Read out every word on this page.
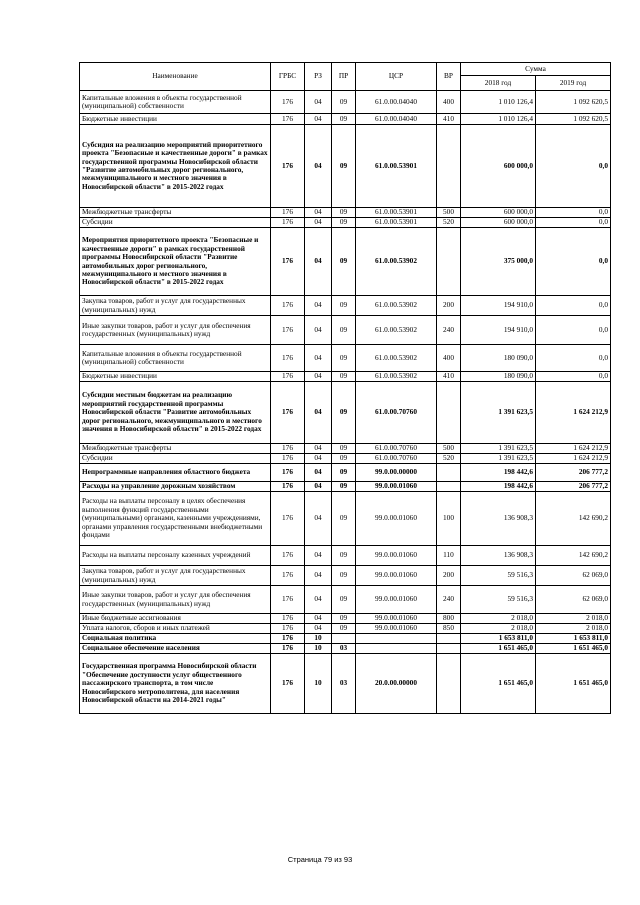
Наименование	ГРБС	РЗ	ПР	ЦСР	ВР	Сумма	
						2018 год	2019 год
Капитальные вложения в объекты государственной (муниципальной) собственности	176	04	09	61.0.00.04040	400	1 010 126,4	1 092 620,5
Бюджетные инвестиции	176	04	09	61.0.00.04040	410	1 010 126,4	1 092 620,5
Субсидия на реализацию мероприятий приоритетного проекта "Безопасные и качественные дороги" в рамках государственной программы Новосибирской области "Развитие автомобильных дорог регионального, межмуниципального и местного значения в Новосибирской области" в 2015-2022 годах	176	04	09	61.0.00.53901		600 000,0	0,0
Межбюджетные трансферты	176	04	09	61.0.00.53901	500	600 000,0	0,0
Субсидии	176	04	09	61.0.00.53901	520	600 000,0	0,0
Мероприятия приоритетного проекта "Безопасные и качественные дороги" в рамках государственной программы Новосибирской области "Развитие автомобильных дорог регионального, межмуниципального и местного значения в Новосибирской области" в 2015-2022 годах	176	04	09	61.0.00.53902		375 000,0	0,0
Закупка товаров, работ и услуг для государственных (муниципальных) нужд	176	04	09	61.0.00.53902	200	194 910,0	0,0
Иные закупки товаров, работ и услуг для обеспечения государственных (муниципальных) нужд	176	04	09	61.0.00.53902	240	194 910,0	0,0
Капитальные вложения в объекты государственной (муниципальной) собственности	176	04	09	61.0.00.53902	400	180 090,0	0,0
Бюджетные инвестиции	176	04	09	61.0.00.53902	410	180 090,0	0,0
Субсидии местным бюджетам на реализацию мероприятий государственной программы Новосибирской области "Развитие автомобильных дорог регионального, межмуниципального и местного значения в Новосибирской области" в 2015-2022 годах	176	04	09	61.0.00.70760		1 391 623,5	1 624 212,9
Межбюджетные трансферты	176	04	09	61.0.00.70760	500	1 391 623,5	1 624 212,9
Субсидии	176	04	09	61.0.00.70760	520	1 391 623,5	1 624 212,9
Непрограммные направления областного бюджета	176	04	09	99.0.00.00000		198 442,6	206 777,2
Расходы на управление дорожным хозяйством	176	04	09	99.0.00.01060		198 442,6	206 777,2
Расходы на выплаты персоналу в целях обеспечения выполнения функций государственными (муниципальными) органами, казенными учреждениями, органами управления государственными внебюджетными фондами	176	04	09	99.0.00.01060	100	136 908,3	142 690,2
Расходы на выплаты персоналу казенных учреждений	176	04	09	99.0.00.01060	110	136 908,3	142 690,2
Закупка товаров, работ и услуг для государственных (муниципальных) нужд	176	04	09	99.0.00.01060	200	59 516,3	62 069,0
Иные закупки товаров, работ и услуг для обеспечения государственных (муниципальных) нужд	176	04	09	99.0.00.01060	240	59 516,3	62 069,0
Иные бюджетные ассигнования	176	04	09	99.0.00.01060	800	2 018,0	2 018,0
Уплата налогов, сборов и иных платежей	176	04	09	99.0.00.01060	850	2 018,0	2 018,0
Социальная политика	176	10				1 653 811,0	1 653 811,0
Социальное обеспечение населения	176	10	03			1 651 465,0	1 651 465,0
Государственная программа Новосибирской области "Обеспечение доступности услуг общественного пассажирского транспорта, в том числе Новосибирского метрополитена, для населения Новосибирской области на 2014-2021 годы"	176	10	03	20.0.00.00000		1 651 465,0	1 651 465,0
Страница 79 из 93
